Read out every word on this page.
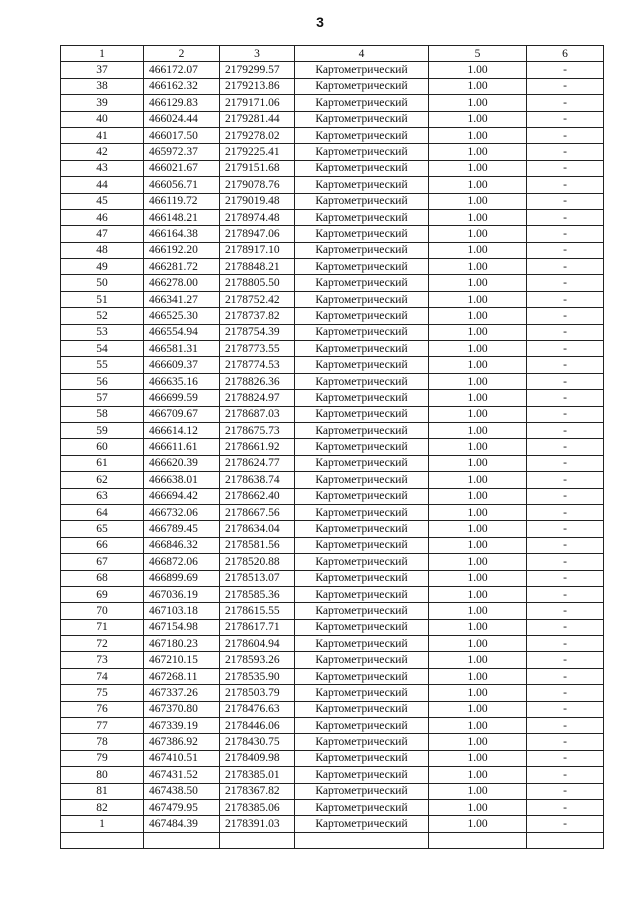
3
1	2	3	4	5	6
37	466172.07	2179299.57	Картометрический	1.00	-
38	466162.32	2179213.86	Картометрический	1.00	-
39	466129.83	2179171.06	Картометрический	1.00	-
40	466024.44	2179281.44	Картометрический	1.00	-
41	466017.50	2179278.02	Картометрический	1.00	-
42	465972.37	2179225.41	Картометрический	1.00	-
43	466021.67	2179151.68	Картометрический	1.00	-
44	466056.71	2179078.76	Картометрический	1.00	-
45	466119.72	2179019.48	Картометрический	1.00	-
46	466148.21	2178974.48	Картометрический	1.00	-
47	466164.38	2178947.06	Картометрический	1.00	-
48	466192.20	2178917.10	Картометрический	1.00	-
49	466281.72	2178848.21	Картометрический	1.00	-
50	466278.00	2178805.50	Картометрический	1.00	-
51	466341.27	2178752.42	Картометрический	1.00	-
52	466525.30	2178737.82	Картометрический	1.00	-
53	466554.94	2178754.39	Картометрический	1.00	-
54	466581.31	2178773.55	Картометрический	1.00	-
55	466609.37	2178774.53	Картометрический	1.00	-
56	466635.16	2178826.36	Картометрический	1.00	-
57	466699.59	2178824.97	Картометрический	1.00	-
58	466709.67	2178687.03	Картометрический	1.00	-
59	466614.12	2178675.73	Картометрический	1.00	-
60	466611.61	2178661.92	Картометрический	1.00	-
61	466620.39	2178624.77	Картометрический	1.00	-
62	466638.01	2178638.74	Картометрический	1.00	-
63	466694.42	2178662.40	Картометрический	1.00	-
64	466732.06	2178667.56	Картометрический	1.00	-
65	466789.45	2178634.04	Картометрический	1.00	-
66	466846.32	2178581.56	Картометрический	1.00	-
67	466872.06	2178520.88	Картометрический	1.00	-
68	466899.69	2178513.07	Картометрический	1.00	-
69	467036.19	2178585.36	Картометрический	1.00	-
70	467103.18	2178615.55	Картометрический	1.00	-
71	467154.98	2178617.71	Картометрический	1.00	-
72	467180.23	2178604.94	Картометрический	1.00	-
73	467210.15	2178593.26	Картометрический	1.00	-
74	467268.11	2178535.90	Картометрический	1.00	-
75	467337.26	2178503.79	Картометрический	1.00	-
76	467370.80	2178476.63	Картометрический	1.00	-
77	467339.19	2178446.06	Картометрический	1.00	-
78	467386.92	2178430.75	Картометрический	1.00	-
79	467410.51	2178409.98	Картометрический	1.00	-
80	467431.52	2178385.01	Картометрический	1.00	-
81	467438.50	2178367.82	Картометрический	1.00	-
82	467479.95	2178385.06	Картометрический	1.00	-
1	467484.39	2178391.03	Картометрический	1.00	-
